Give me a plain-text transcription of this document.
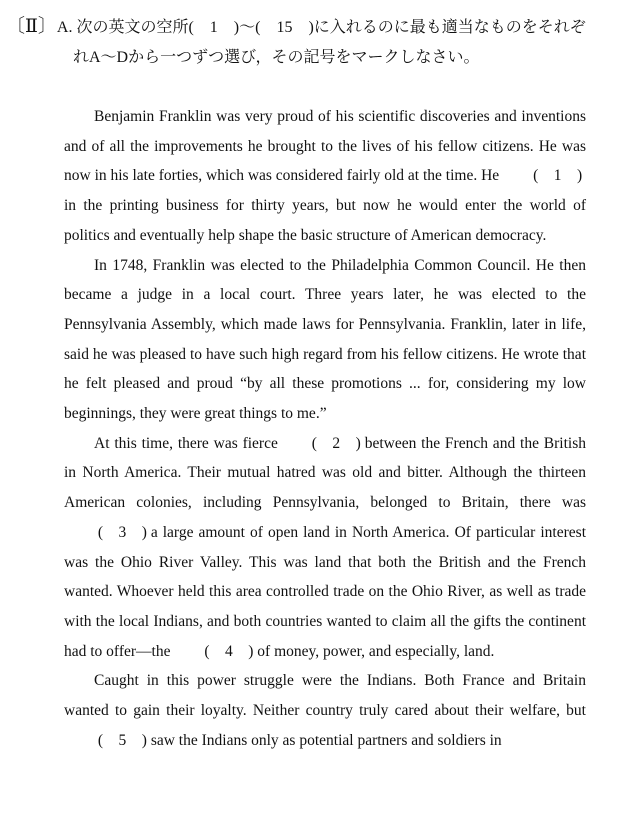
〔Ⅱ〕A. 次の英文の空所(　1　)〜(　15　)に入れるのに最も適当なものをそれぞ
れA〜Dから一つずつ選び，その記号をマークしなさい。

Benjamin Franklin was very proud of his scientific discoveries and inventions and of all the improvements he brought to the lives of his fellow citizens. He was now in his late forties, which was considered fairly old at the time. He (　1　) in the printing business for thirty years, but now he would enter the world of politics and eventually help shape the basic structure of American democracy.

In 1748, Franklin was elected to the Philadelphia Common Council. He then became a judge in a local court. Three years later, he was elected to the Pennsylvania Assembly, which made laws for Pennsylvania. Franklin, later in life, said he was pleased to have such high regard from his fellow citizens. He wrote that he felt pleased and proud “by all these promotions ... for, considering my low beginnings, they were great things to me.”

At this time, there was fierce (　2　) between the French and the British in North America. Their mutual hatred was old and bitter. Although the thirteen American colonies, including Pennsylvania, belonged to Britain, there was (　3　) a large amount of open land in North America. Of particular interest was the Ohio River Valley. This was land that both the British and the French wanted. Whoever held this area controlled trade on the Ohio River, as well as trade with the local Indians, and both countries wanted to claim all the gifts the continent had to offer—the (　4　) of money, power, and especially, land.

Caught in this power struggle were the Indians. Both France and Britain wanted to gain their loyalty. Neither country truly cared about their welfare, but (　5　) saw the Indians only as potential partners and soldiers in
